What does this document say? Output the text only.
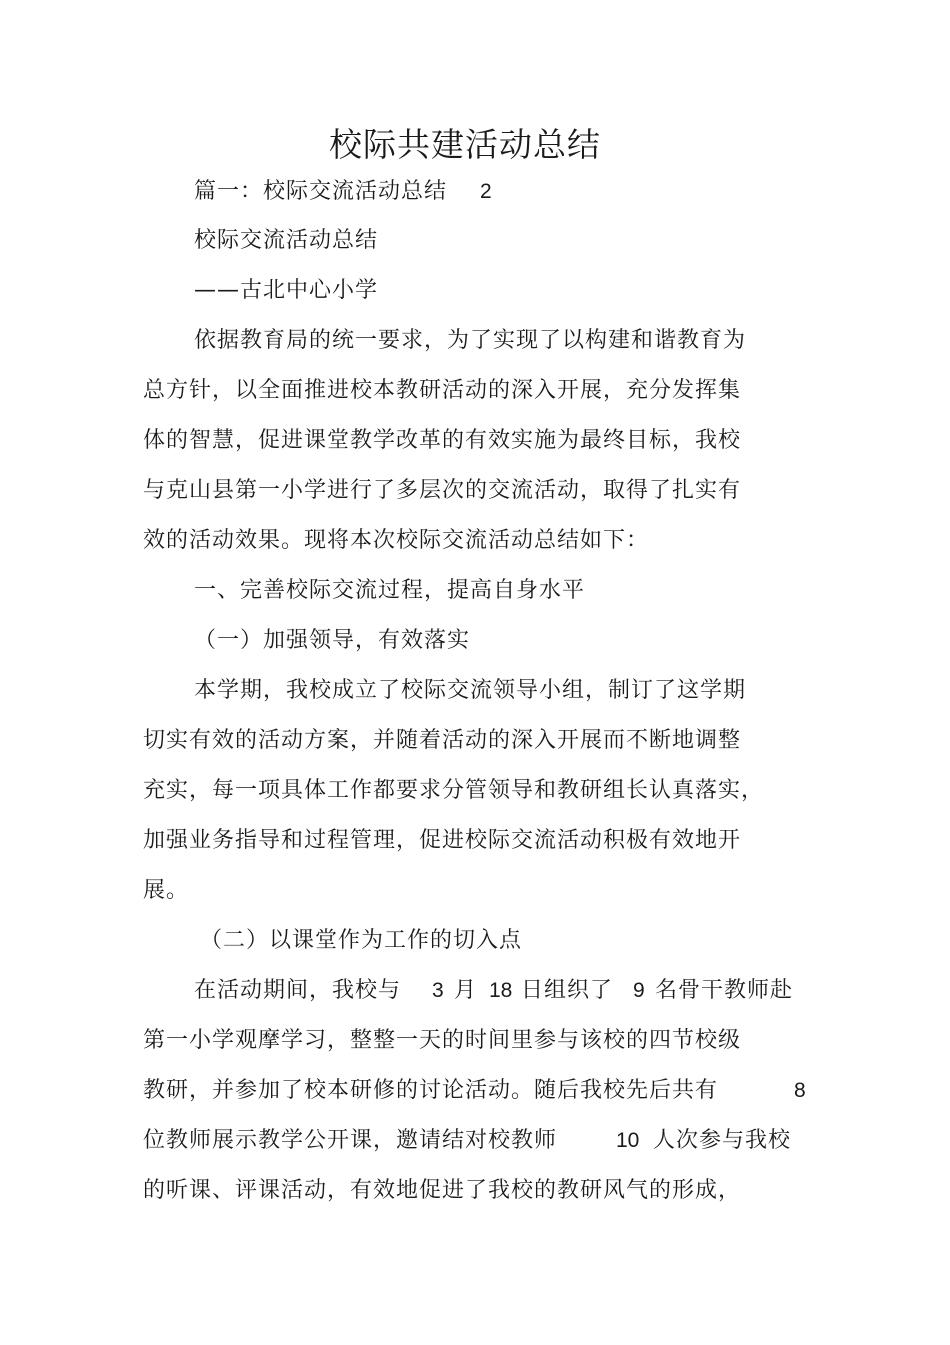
校际共建活动总结
篇一：校际交流活动总结 2
校际交流活动总结
——古北中心小学
依据教育局的统一要求，为了实现了以构建和谐教育为
总方针，以全面推进校本教研活动的深入开展，充分发挥集
体的智慧，促进课堂教学改革的有效实施为最终目标，我校
与克山县第一小学进行了多层次的交流活动，取得了扎实有
效的活动效果。现将本次校际交流活动总结如下：
一、完善校际交流过程，提高自身水平
（一）加强领导，有效落实
本学期，我校成立了校际交流领导小组，制订了这学期
切实有效的活动方案，并随着活动的深入开展而不断地调整
充实，每一项具体工作都要求分管领导和教研组长认真落实，
加强业务指导和过程管理，促进校际交流活动积极有效地开
展。
（二）以课堂作为工作的切入点
在活动期间，我校与 3 月 18 日组织了 9 名骨干教师赴
第一小学观摩学习，整整一天的时间里参与该校的四节校级
教研，并参加了校本研修的讨论活动。随后我校先后共有	8
位教师展示教学公开课，邀请结对校教师	10 人次参与我校
的听课、评课活动，有效地促进了我校的教研风气的形成，
